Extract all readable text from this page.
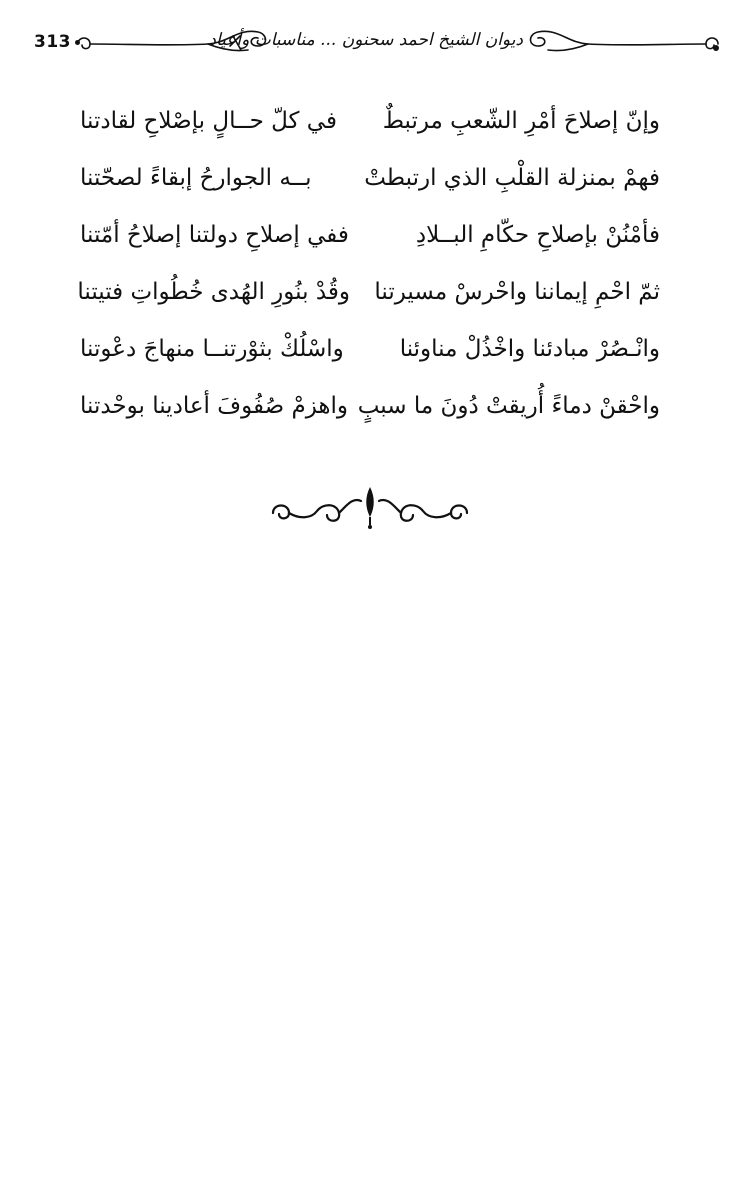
313	ديوان الشيخ احمد سحنون ... مناسبات وأعياد
وإنّ إصلاحَ أمْرِ الشّعبِ مرتبطٌ
في كلّ حــالٍ بإصْلاحِ لقادتنا
فهمْ بمنزلة القلْبِ الذي ارتبطتْ
بــه الجوارحُ إبقاءً لصحّتنا
فأمْنُنْ بإصلاحِ حكّامِ البــلادِ
ففي إصلاحِ دولتنا إصلاحُ أمّتنا
ثمّ احْمِ إيماننا واحْرسْ مسيرتنا
وقُدْ بنُورِ الهُدى خُطُواتِ فتيتنا
وانْـصُرْ مبادئنا واخْذُلْ مناوئنا
واسْلُكْ بثوْرتنــا منهاجَ دعْوتنا
واحْقنْ دماءً أُريقتْ دُونَ ما سببٍ
واهزمْ صُفُوفَ أعادينا بوحْدتنا
